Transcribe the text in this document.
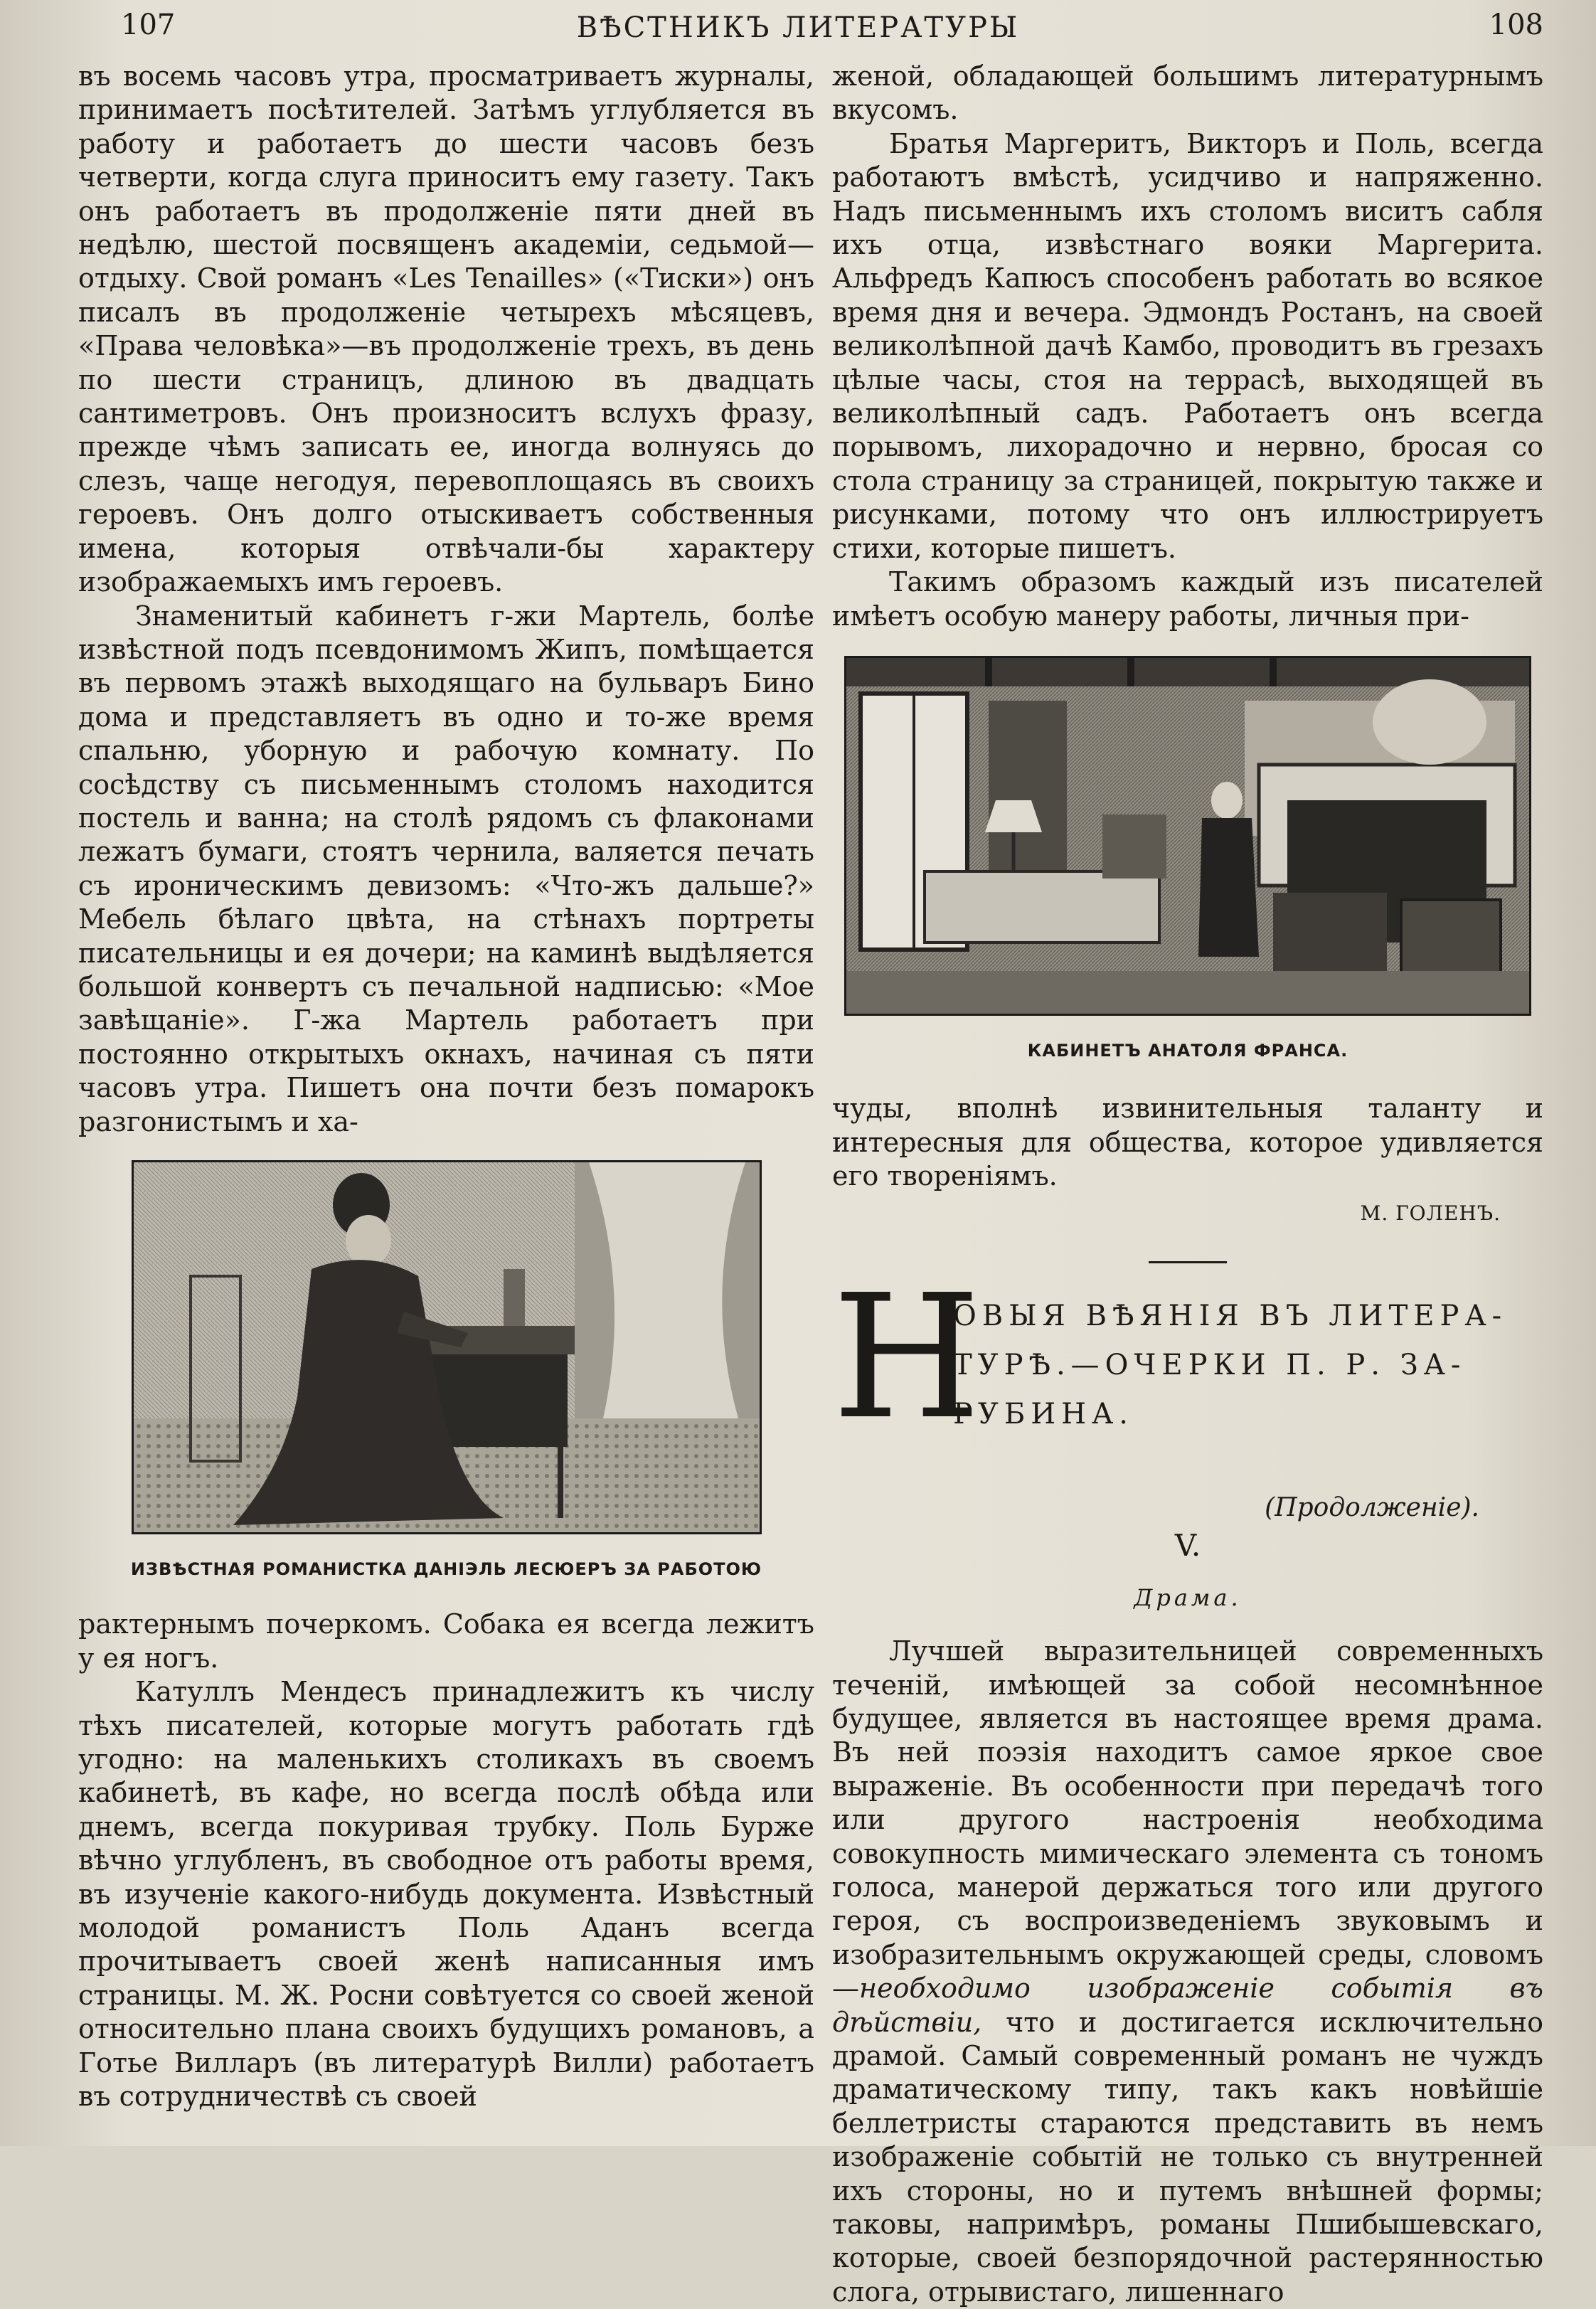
107	ВѢСТНИКЪ ЛИТЕРАТУРЫ	108

въ восемь часовъ утра, просматриваетъ журналы, принимаетъ посѣтителей. Затѣмъ углубляется въ работу и работаетъ до шести часовъ безъ четверти, когда слуга приноситъ ему газету. Такъ онъ работаетъ въ продолженіе пяти дней въ недѣлю, шестой посвященъ академіи, седьмой—отдыху. Свой романъ «Les Tenailles» («Тиски») онъ писалъ въ продолженіе четырехъ мѣсяцевъ, «Права человѣка»—въ продолженіе трехъ, въ день по шести страницъ, длиною въ двадцать сантиметровъ. Онъ произноситъ вслухъ фразу, прежде чѣмъ записать ее, иногда волнуясь до слезъ, чаще негодуя, перевоплощаясь въ своихъ героевъ. Онъ долго отыскиваетъ собственныя имена, которыя отвѣчали-бы характеру изображаемыхъ имъ героевъ.

Знаменитый кабинетъ г-жи Мартель, болѣе извѣстной подъ псевдонимомъ Жипъ, помѣщается въ первомъ этажѣ выходящаго на бульваръ Бино дома и представляетъ въ одно и то-же время спальню, уборную и рабочую комнату. По сосѣдству съ письменнымъ столомъ находится постель и ванна; на столѣ рядомъ съ флаконами лежатъ бумаги, стоятъ чернила, валяется печать съ ироническимъ девизомъ: «Что-жъ дальше?» Мебель бѣлаго цвѣта, на стѣнахъ портреты писательницы и ея дочери; на каминѣ выдѣляется большой конвертъ съ печальной надписью: «Мое завѣщаніе». Г-жа Мартель работаетъ при постоянно открытыхъ окнахъ, начиная съ пяти часовъ утра. Пишетъ она почти безъ помарокъ разгонистымъ и ха-

ИЗВѢСТНАЯ РОМАНИСТКА ДАНІЭЛЬ ЛЕСЮЕРЪ ЗА РАБОТОЮ

рактернымъ почеркомъ. Собака ея всегда лежитъ у ея ногъ.

Катуллъ Мендесъ принадлежитъ къ числу тѣхъ писателей, которые могутъ работать гдѣ угодно: на маленькихъ столикахъ въ своемъ кабинетѣ, въ кафе, но всегда послѣ обѣда или днемъ, всегда покуривая трубку. Поль Бурже вѣчно углубленъ, въ свободное отъ работы время, въ изученіе какого-нибудь документа. Извѣстный молодой романистъ Поль Аданъ всегда прочитываетъ своей женѣ написанныя имъ страницы. М. Ж. Росни совѣтуется со своей женой относительно плана своихъ будущихъ романовъ, а Готье Вилларъ (въ литературѣ Вилли) работаетъ въ сотрудничествѣ съ своей

женой, обладающей большимъ литературнымъ вкусомъ.

Братья Маргеритъ, Викторъ и Поль, всегда работаютъ вмѣстѣ, усидчиво и напряженно. Надъ письменнымъ ихъ столомъ виситъ сабля ихъ отца, извѣстнаго вояки Маргерита. Альфредъ Капюсъ способенъ работать во всякое время дня и вечера. Эдмондъ Ростанъ, на своей великолѣпной дачѣ Камбо, проводитъ въ грезахъ цѣлые часы, стоя на террасѣ, выходящей въ великолѣпный садъ. Работаетъ онъ всегда порывомъ, лихорадочно и нервно, бросая со стола страницу за страницей, покрытую также и рисунками, потому что онъ иллюстрируетъ стихи, которые пишетъ.

Такимъ образомъ каждый изъ писателей имѣетъ особую манеру работы, личныя при-

КАБИНЕТЪ АНАТОЛЯ ФРАНСА.

чуды, вполнѣ извинительныя таланту и интересныя для общества, которое удивляется его твореніямъ.

М. ГОЛЕНЪ.
Н
ОВЫЯ ВѢЯНІЯ ВЪ ЛИТЕРА-
ТУРѢ.—ОЧЕРКИ П. Р. ЗА-
РУБИНА.
(Продолженіе).
V.
Драма.

Лучшей выразительницей современныхъ теченій, имѣющей за собой несомнѣнное будущее, является въ настоящее время драма. Въ ней поэзія находитъ самое яркое свое выраженіе. Въ особенности при передачѣ того или другого настроенія необходима совокупность мимическаго элемента съ тономъ голоса, манерой держаться того или другого героя, съ воспроизведеніемъ звуковымъ и изобразительнымъ окружающей среды, словомъ—необходимо изображеніе событія въ дѣйствіи, что и достигается исключительно драмой. Самый современный романъ не чуждъ драматическому типу, такъ какъ новѣйшіе беллетристы стараются представить въ немъ изображеніе событій не только съ внутренней ихъ стороны, но и путемъ внѣшней формы; таковы, напримѣръ, романы Пшибышевскаго, которые, своей безпорядочной растерянностью слога, отрывистаго, лишеннаго
